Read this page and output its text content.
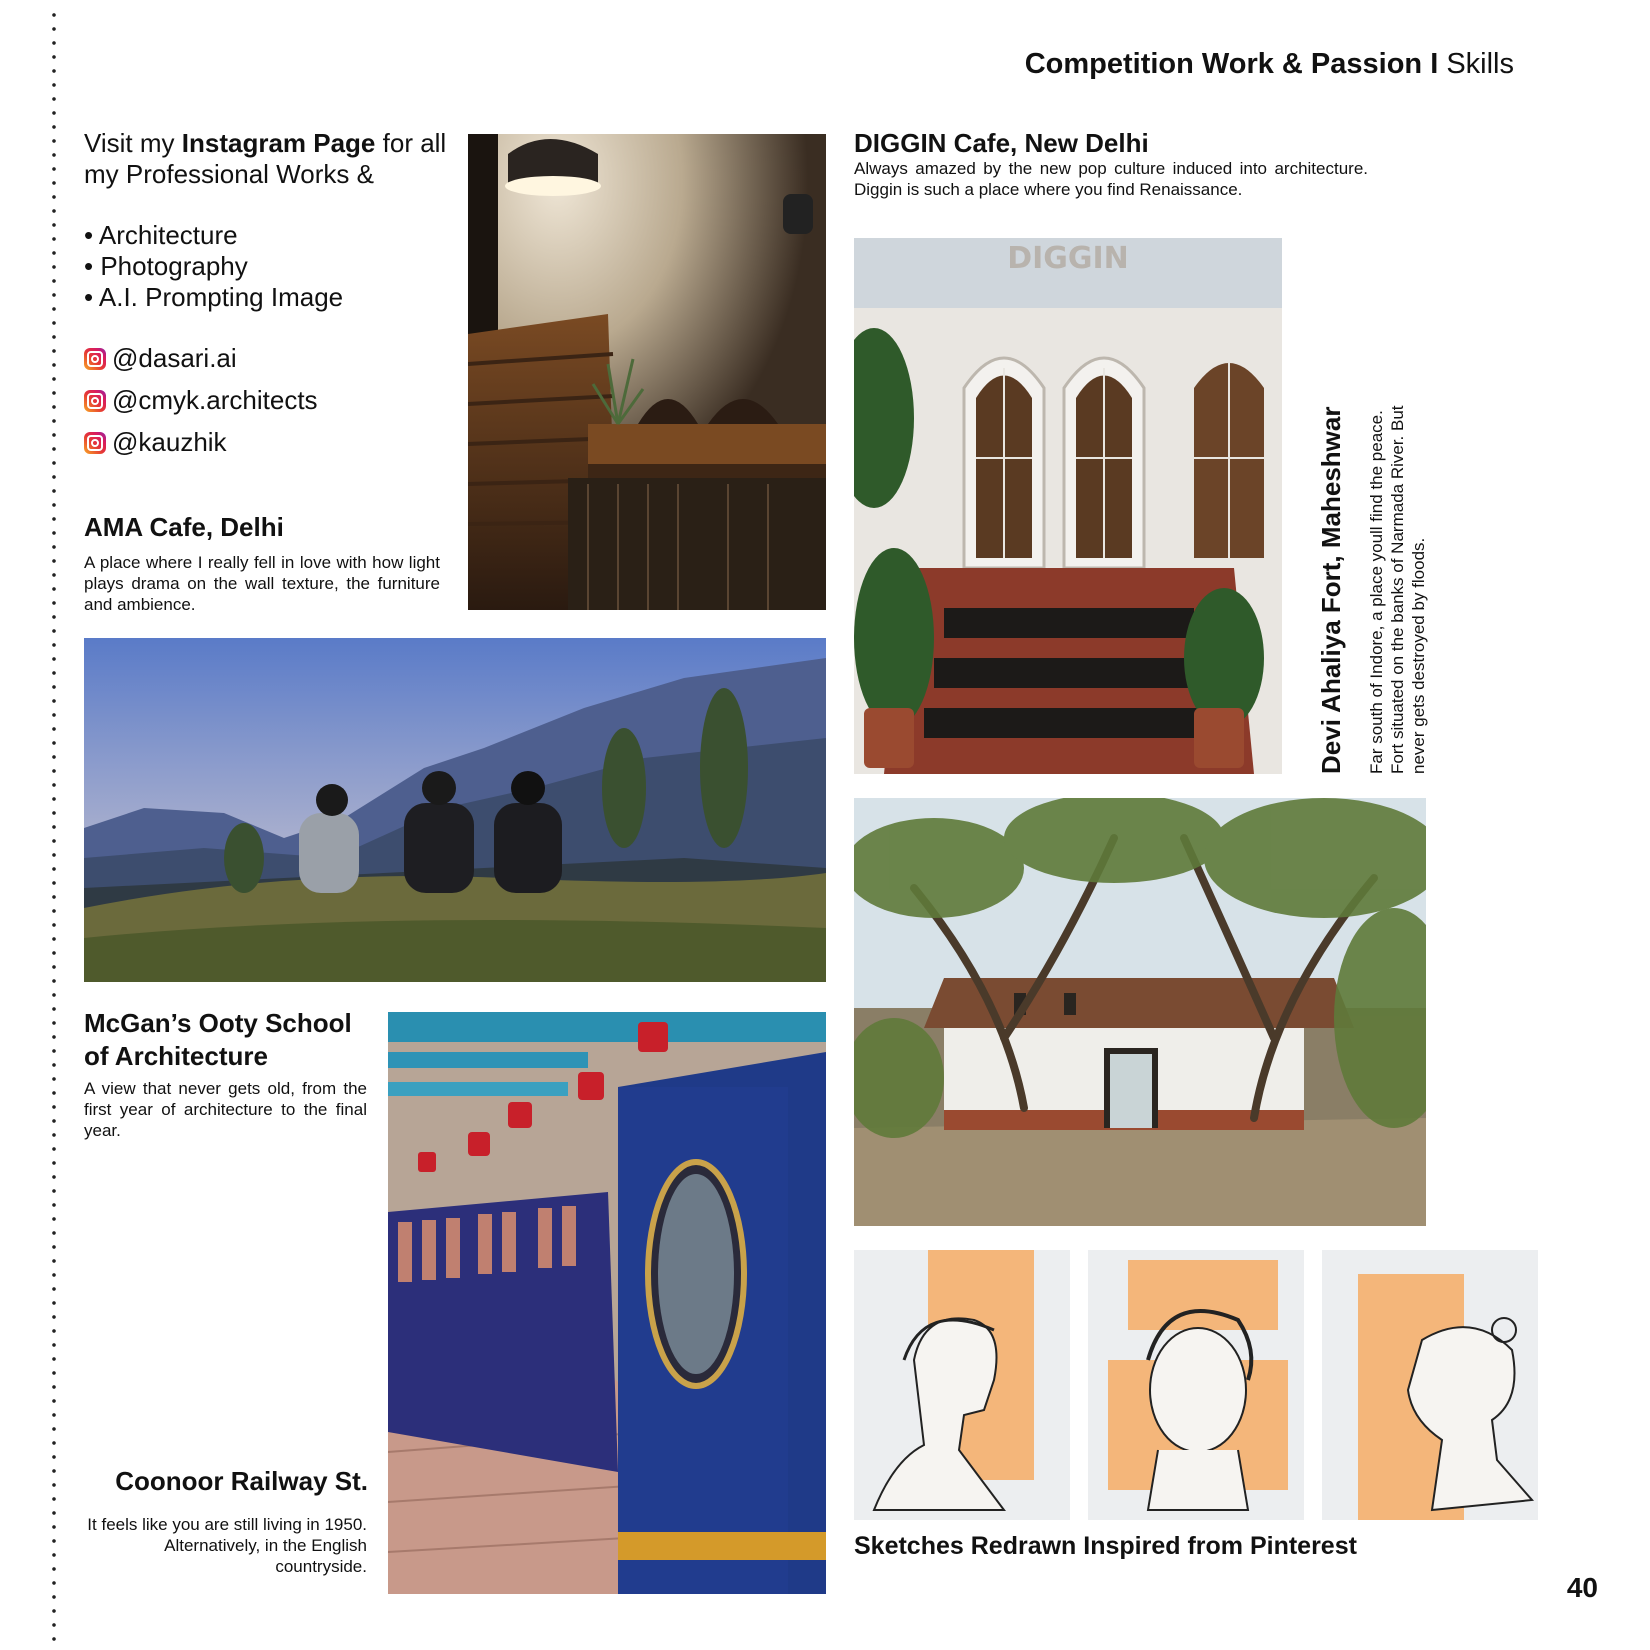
Competition Work & Passion I Skills
Visit my Instagram Page for all my Professional Works &
• Architecture
• Photography
• A.I. Prompting Image
@dasari.ai
@cmyk.architects
@kauzhik
AMA Cafe, Delhi
A place where I really fell in love with how light plays drama on the wall texture, the furniture and ambience.
McGan’s Ooty School
of Architecture
A view that never gets old, from the first year of architecture to the final year.
Coonoor Railway St.
It feels like you are still living in 1950. Alternatively, in the English countryside.
DIGGIN Cafe, New Delhi
Always amazed by the new pop culture induced into architecture. Diggin is such a place where you find Renaissance.
DIGGIN
Devi Ahaliya Fort, Maheshwar Far south of Indore, a place youll find the peace. Fort situated on the banks of Narmada River. But never gets destroyed by floods.
Sketches Redrawn Inspired from Pinterest
40
